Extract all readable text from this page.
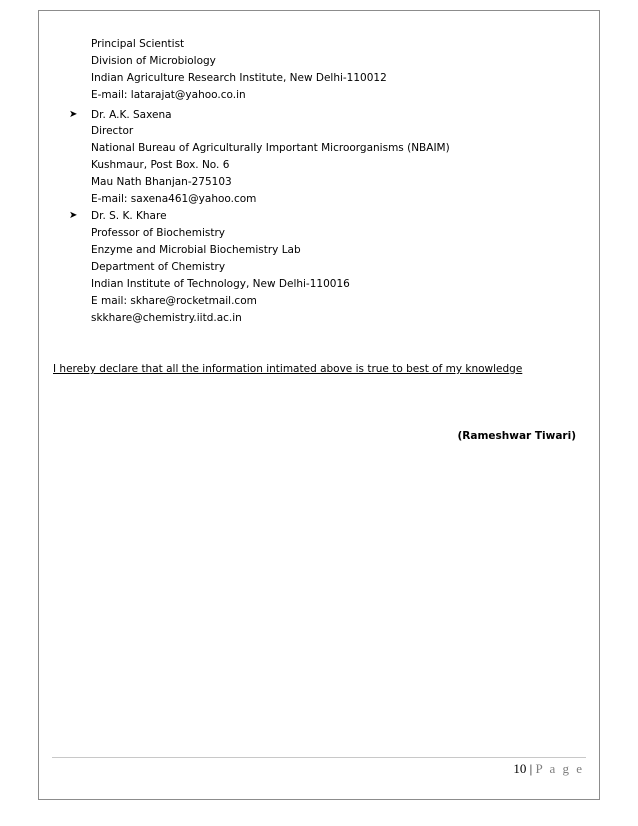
Principal Scientist
Division of Microbiology
Indian Agriculture Research Institute, New Delhi-110012
E-mail: latarajat@yahoo.co.in
➤ Dr. A.K. Saxena
Director
National Bureau of Agriculturally Important Microorganisms (NBAIM)
Kushmaur, Post Box. No. 6
Mau Nath Bhanjan-275103
E-mail: saxena461@yahoo.com
➤ Dr. S. K. Khare
Professor of Biochemistry
Enzyme and Microbial Biochemistry Lab
Department of Chemistry
Indian Institute of Technology, New Delhi-110016
E mail: skhare@rocketmail.com
skkhare@chemistry.iitd.ac.in
I hereby declare that all the information intimated above is true to best of my knowledge
(Rameshwar Tiwari)
10 | P a g e
